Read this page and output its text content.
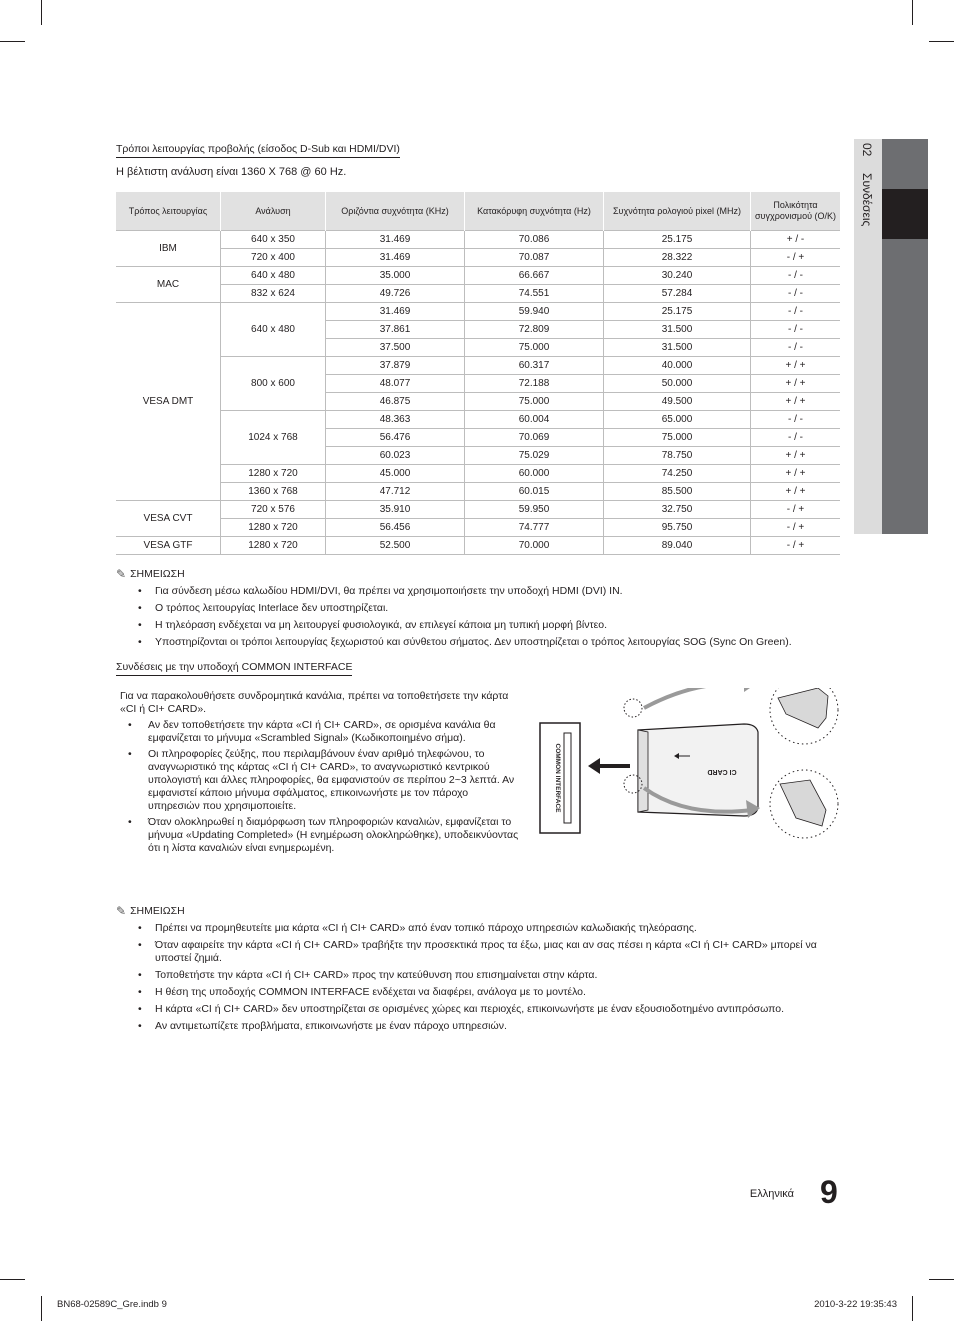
02  Συνδέσεις
Τρόποι λειτουργίας προβολής (είσοδος D-Sub και HDMI/DVI)
Η βέλτιστη ανάλυση είναι 1360 X 768 @ 60 Hz.
Τρόπος λειτουργίας	Ανάλυση	Οριζόντια συχνότητα (KHz)	Κατακόρυφη συχνότητα (Hz)	Συχνότητα ρολογιού pixel (MHz)	Πολικότητα συγχρονισμού (Ο/Κ)
IBM	640 x 350	31.469	70.086	25.175	+ / -
	720 x 400	31.469	70.087	28.322	- / +
MAC	640 x 480	35.000	66.667	30.240	- / -
	832 x 624	49.726	74.551	57.284	- / -
VESA DMT	640 x 480	31.469	59.940	25.175	- / -
		37.861	72.809	31.500	- / -
		37.500	75.000	31.500	- / -
	800 x 600	37.879	60.317	40.000	+ / +
		48.077	72.188	50.000	+ / +
		46.875	75.000	49.500	+ / +
	1024 x 768	48.363	60.004	65.000	- / -
		56.476	70.069	75.000	- / -
		60.023	75.029	78.750	+ / +
	1280 x 720	45.000	60.000	74.250	+ / +
	1360 x 768	47.712	60.015	85.500	+ / +
VESA CVT	720 x 576	35.910	59.950	32.750	- / +
	1280 x 720	56.456	74.777	95.750	- / +
VESA GTF	1280 x 720	52.500	70.000	89.040	- / +
✎ ΣΗΜΕΙΩΣΗ
• Για σύνδεση μέσω καλωδίου HDMI/DVI, θα πρέπει να χρησιμοποιήσετε την υποδοχή HDMI (DVI) IN.
• Ο τρόπος λειτουργίας Interlace δεν υποστηρίζεται.
• Η τηλεόραση ενδέχεται να μη λειτουργεί φυσιολογικά, αν επιλεγεί κάποια μη τυπική μορφή βίντεο.
• Υποστηρίζονται οι τρόποι λειτουργίας ξεχωριστού και σύνθετου σήματος. Δεν υποστηρίζεται ο τρόπος λειτουργίας SOG (Sync On Green).
Συνδέσεις με την υποδοχή COMMON INTERFACE
Για να παρακολουθήσετε συνδρομητικά κανάλια, πρέπει να τοποθετήσετε την κάρτα «CI ή CI+ CARD».
• Αν δεν τοποθετήσετε την κάρτα «CI ή CI+ CARD», σε ορισμένα κανάλια θα εμφανίζεται το μήνυμα «Scrambled Signal» (Κωδικοποιημένο σήμα).
• Οι πληροφορίες ζεύξης, που περιλαμβάνουν έναν αριθμό τηλεφώνου, το αναγνωριστικό της κάρτας «CI ή CI+ CARD», το αναγνωριστικό κεντρικού υπολογιστή και άλλες πληροφορίες, θα εμφανιστούν σε περίπου 2~3 λεπτά. Αν εμφανιστεί κάποιο μήνυμα σφάλματος, επικοινωνήστε με τον πάροχο υπηρεσιών που χρησιμοποιείτε.
• Όταν ολοκληρωθεί η διαμόρφωση των πληροφοριών καναλιών, εμφανίζεται το μήνυμα «Updating Completed» (Η ενημέρωση ολοκληρώθηκε), υποδεικνύοντας ότι η λίστα καναλιών είναι ενημερωμένη.
COMMON INTERFACE	CI CARD
✎ ΣΗΜΕΙΩΣΗ
• Πρέπει να προμηθευτείτε μια κάρτα «CI ή CI+ CARD» από έναν τοπικό πάροχο υπηρεσιών καλωδιακής τηλεόρασης.
• Όταν αφαιρείτε την κάρτα «CI ή CI+ CARD» τραβήξτε την προσεκτικά προς τα έξω, μιας και αν σας πέσει η κάρτα «CI ή CI+ CARD» μπορεί να υποστεί ζημιά.
• Τοποθετήστε την κάρτα «CI ή CI+ CARD» προς την κατεύθυνση που επισημαίνεται στην κάρτα.
• Η θέση της υποδοχής COMMON INTERFACE ενδέχεται να διαφέρει, ανάλογα με το μοντέλο.
• Η κάρτα «CI ή CI+ CARD» δεν υποστηρίζεται σε ορισμένες χώρες και περιοχές, επικοινωνήστε με έναν εξουσιοδοτημένο αντιπρόσωπο.
• Αν αντιμετωπίζετε προβλήματα, επικοινωνήστε με έναν πάροχο υπηρεσιών.
Ελληνικά 9
BN68-02589C_Gre.indb 9	2010-3-22 19:35:43
